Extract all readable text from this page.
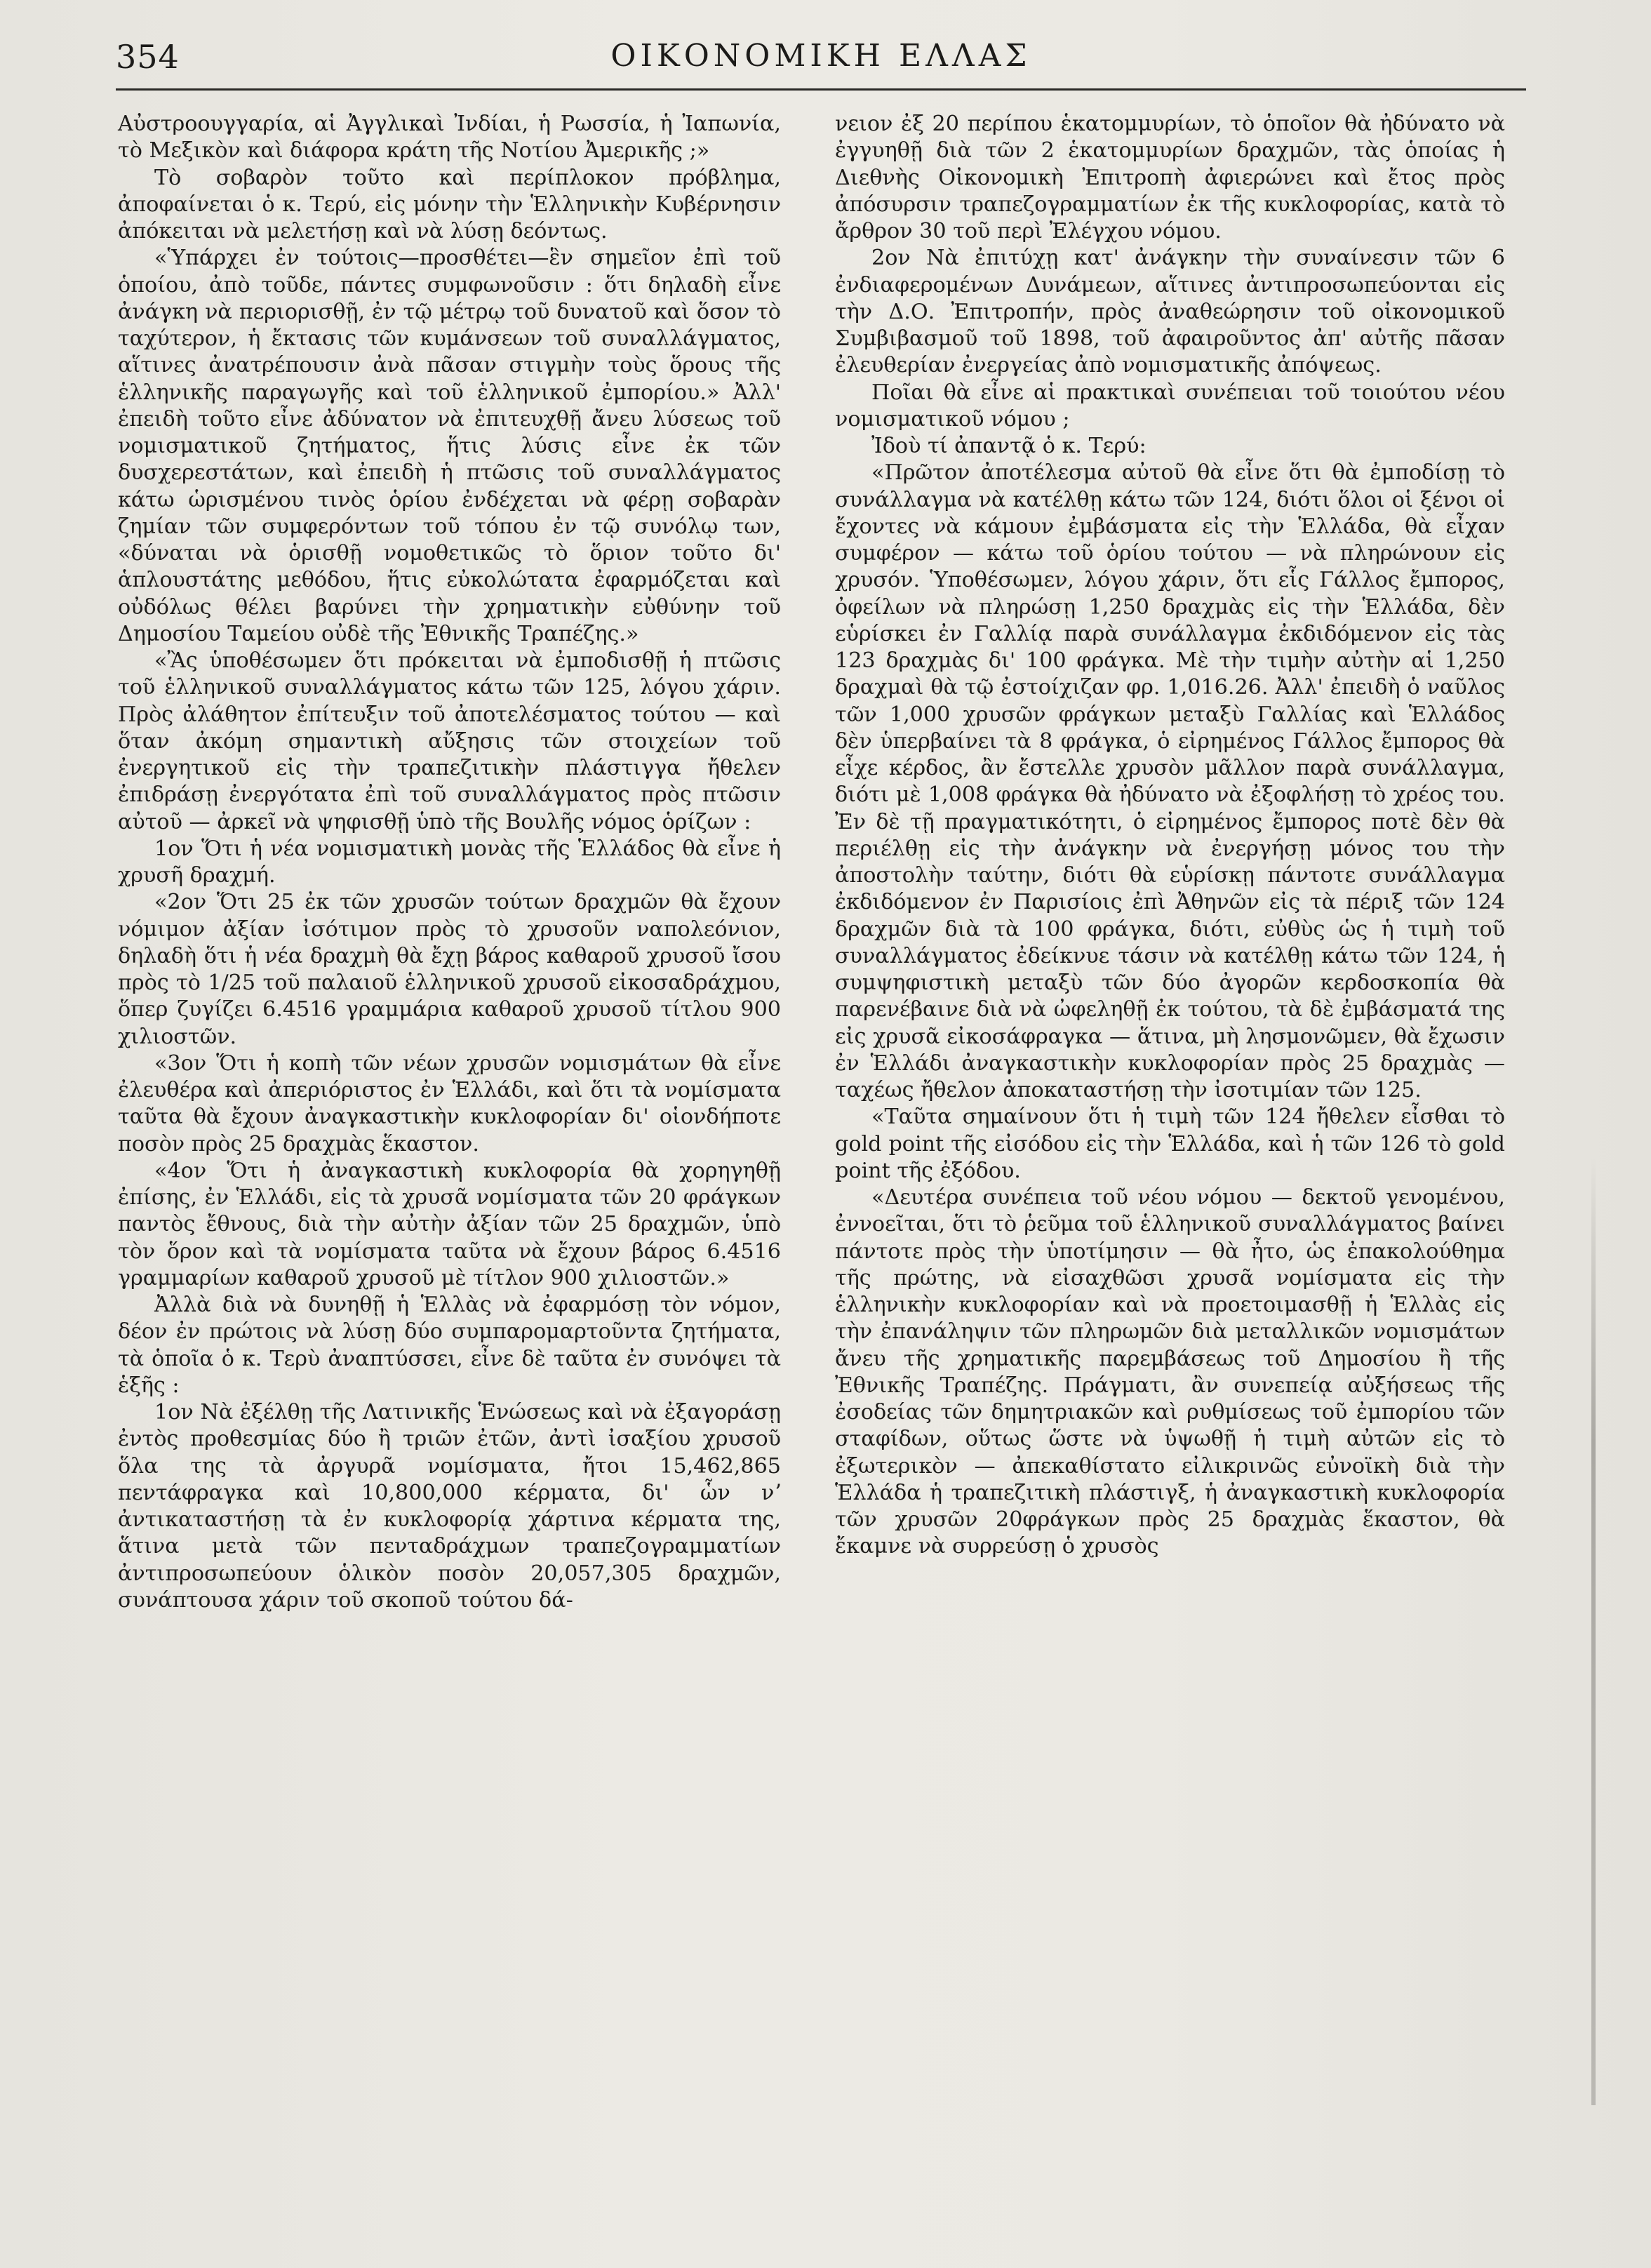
354	ΟΙΚΟΝΟΜΙΚΗ ΕΛΛΑΣ

Αὐστροουγγαρία, αἱ Ἀγγλικαὶ Ἰνδίαι, ἡ Ρωσσία, ἡ Ἰαπωνία, τὸ Μεξικὸν καὶ διάφορα κράτη τῆς Νοτίου Ἀμερικῆς ;»

Τὸ σοβαρὸν τοῦτο καὶ περίπλοκον πρόβλημα, ἀποφαίνεται ὁ κ. Τερύ, εἰς μόνην τὴν Ἑλληνικὴν Κυβέρνησιν ἀπόκειται νὰ μελετήσῃ καὶ νὰ λύσῃ δεόντως.

«Ὑπάρχει ἐν τούτοις—προσθέτει—ἓν σημεῖον ἐπὶ τοῦ ὁποίου, ἀπὸ τοῦδε, πάντες συμφωνοῦσιν : ὅτι δηλαδὴ εἶνε ἀνάγκη νὰ περιορισθῇ, ἐν τῷ μέτρῳ τοῦ δυνατοῦ καὶ ὅσον τὸ ταχύτερον, ἡ ἔκτασις τῶν κυμάνσεων τοῦ συναλλάγματος, αἵτινες ἀνατρέπουσιν ἀνὰ πᾶσαν στιγμὴν τοὺς ὅρους τῆς ἑλληνικῆς παραγωγῆς καὶ τοῦ ἑλληνικοῦ ἐμπορίου.» Ἀλλ' ἐπειδὴ τοῦτο εἶνε ἀδύνατον νὰ ἐπιτευχθῇ ἄνευ λύσεως τοῦ νομισματικοῦ ζητήματος, ἥτις λύσις εἶνε ἐκ τῶν δυσχερεστάτων, καὶ ἐπειδὴ ἡ πτῶσις τοῦ συναλλάγματος κάτω ὡρισμένου τινὸς ὁρίου ἐνδέχεται νὰ φέρῃ σοβαρὰν ζημίαν τῶν συμφερόντων τοῦ τόπου ἐν τῷ συνόλῳ των, «δύναται νὰ ὁρισθῇ νομοθετικῶς τὸ ὅριον τοῦτο δι' ἁπλουστάτης μεθόδου, ἥτις εὐκολώτατα ἐφαρμόζεται καὶ οὐδόλως θέλει βαρύνει τὴν χρηματικὴν εὐθύνην τοῦ Δημοσίου Ταμείου οὐδὲ τῆς Ἐθνικῆς Τραπέζης.»

«Ἂς ὑποθέσωμεν ὅτι πρόκειται νὰ ἐμποδισθῇ ἡ πτῶσις τοῦ ἑλληνικοῦ συναλλάγματος κάτω τῶν 125, λόγου χάριν. Πρὸς ἀλάθητον ἐπίτευξιν τοῦ ἀποτελέσματος τούτου — καὶ ὅταν ἀκόμη σημαντικὴ αὔξησις τῶν στοιχείων τοῦ ἐνεργητικοῦ εἰς τὴν τραπεζιτικὴν πλάστιγγα ἤθελεν ἐπιδράσῃ ἐνεργότατα ἐπὶ τοῦ συναλλάγματος πρὸς πτῶσιν αὐτοῦ — ἀρκεῖ νὰ ψηφισθῇ ὑπὸ τῆς Βουλῆς νόμος ὁρίζων :

1ον Ὅτι ἡ νέα νομισματικὴ μονὰς τῆς Ἑλλάδος θὰ εἶνε ἡ χρυσῆ δραχμή.

«2ον Ὅτι 25 ἐκ τῶν χρυσῶν τούτων δραχμῶν θὰ ἔχουν νόμιμον ἀξίαν ἰσότιμον πρὸς τὸ χρυσοῦν ναπολεόνιον, δηλαδὴ ὅτι ἡ νέα δραχμὴ θὰ ἔχῃ βάρος καθαροῦ χρυσοῦ ἴσου πρὸς τὸ 1/25 τοῦ παλαιοῦ ἑλληνικοῦ χρυσοῦ εἰκοσαδράχμου, ὅπερ ζυγίζει 6.4516 γραμμάρια καθαροῦ χρυσοῦ τίτλου 900 χιλιοστῶν.

«3ον Ὅτι ἡ κοπὴ τῶν νέων χρυσῶν νομισμάτων θὰ εἶνε ἐλευθέρα καὶ ἀπεριόριστος ἐν Ἑλλάδι, καὶ ὅτι τὰ νομίσματα ταῦτα θὰ ἔχουν ἀναγκαστικὴν κυκλοφορίαν δι' οἱονδήποτε ποσὸν πρὸς 25 δραχμὰς ἕκαστον.

«4ον Ὅτι ἡ ἀναγκαστικὴ κυκλοφορία θὰ χορηγηθῇ ἐπίσης, ἐν Ἑλλάδι, εἰς τὰ χρυσᾶ νομίσματα τῶν 20 φράγκων παντὸς ἔθνους, διὰ τὴν αὐτὴν ἀξίαν τῶν 25 δραχμῶν, ὑπὸ τὸν ὅρον καὶ τὰ νομίσματα ταῦτα νὰ ἔχουν βάρος 6.4516 γραμμαρίων καθαροῦ χρυσοῦ μὲ τίτλον 900 χιλιοστῶν.»

Ἀλλὰ διὰ νὰ δυνηθῇ ἡ Ἑλλὰς νὰ ἐφαρμόσῃ τὸν νόμον, δέον ἐν πρώτοις νὰ λύσῃ δύο συμπαρομαρτοῦντα ζητήματα, τὰ ὁποῖα ὁ κ. Τερὺ ἀναπτύσσει, εἶνε δὲ ταῦτα ἐν συνόψει τὰ ἑξῆς :

1ον Νὰ ἐξέλθῃ τῆς Λατινικῆς Ἑνώσεως καὶ νὰ ἐξαγοράσῃ ἐντὸς προθεσμίας δύο ἢ τριῶν ἐτῶν, ἀντὶ ἰσαξίου χρυσοῦ ὅλα της τὰ ἀργυρᾶ νομίσματα, ἤτοι 15,462,865 πεντάφραγκα καὶ 10,800,000 κέρματα, δι' ὧν νʼ ἀντικαταστήσῃ τὰ ἐν κυκλοφορίᾳ χάρτινα κέρματα της, ἅτινα μετὰ τῶν πενταδράχμων τραπεζογραμματίων ἀντιπροσωπεύουν ὁλικὸν ποσὸν 20,057,305 δραχμῶν, συνάπτουσα χάριν τοῦ σκοποῦ τούτου δά-

νειον ἐξ 20 περίπου ἑκατομμυρίων, τὸ ὁποῖον θὰ ἠδύνατο νὰ ἐγγυηθῇ διὰ τῶν 2 ἑκατομμυρίων δραχμῶν, τὰς ὁποίας ἡ Διεθνὴς Οἰκονομικὴ Ἐπιτροπὴ ἀφιερώνει καὶ ἔτος πρὸς ἀπόσυρσιν τραπεζογραμματίων ἐκ τῆς κυκλοφορίας, κατὰ τὸ ἄρθρον 30 τοῦ περὶ Ἐλέγχου νόμου.

2ον Νὰ ἐπιτύχῃ κατ' ἀνάγκην τὴν συναίνεσιν τῶν 6 ἐνδιαφερομένων Δυνάμεων, αἵτινες ἀντιπροσωπεύονται εἰς τὴν Δ.Ο. Ἐπιτροπήν, πρὸς ἀναθεώρησιν τοῦ οἰκονομικοῦ Συμβιβασμοῦ τοῦ 1898, τοῦ ἀφαιροῦντος ἀπ' αὐτῆς πᾶσαν ἐλευθερίαν ἐνεργείας ἀπὸ νομισματικῆς ἀπόψεως.

Ποῖαι θὰ εἶνε αἱ πρακτικαὶ συνέπειαι τοῦ τοιούτου νέου νομισματικοῦ νόμου ;

Ἰδοὺ τί ἀπαντᾷ ὁ κ. Τερύ:

«Πρῶτον ἀποτέλεσμα αὐτοῦ θὰ εἶνε ὅτι θὰ ἐμποδίσῃ τὸ συνάλλαγμα νὰ κατέλθῃ κάτω τῶν 124, διότι ὅλοι οἱ ξένοι οἱ ἔχοντες νὰ κάμουν ἐμβάσματα εἰς τὴν Ἑλλάδα, θὰ εἶχαν συμφέρον — κάτω τοῦ ὁρίου τούτου — νὰ πληρώνουν εἰς χρυσόν. Ὑποθέσωμεν, λόγου χάριν, ὅτι εἷς Γάλλος ἔμπορος, ὀφείλων νὰ πληρώσῃ 1,250 δραχμὰς εἰς τὴν Ἑλλάδα, δὲν εὑρίσκει ἐν Γαλλίᾳ παρὰ συνάλλαγμα ἐκδιδόμενον εἰς τὰς 123 δραχμὰς δι' 100 φράγκα. Μὲ τὴν τιμὴν αὐτὴν αἱ 1,250 δραχμαὶ θὰ τῷ ἐστοίχιζαν φρ. 1,016.26. Ἀλλ' ἐπειδὴ ὁ ναῦλος τῶν 1,000 χρυσῶν φράγκων μεταξὺ Γαλλίας καὶ Ἑλλάδος δὲν ὑπερβαίνει τὰ 8 φράγκα, ὁ εἰρημένος Γάλλος ἔμπορος θὰ εἶχε κέρδος, ἂν ἔστελλε χρυσὸν μᾶλλον παρὰ συνάλλαγμα, διότι μὲ 1,008 φράγκα θὰ ἠδύνατο νὰ ἐξοφλήσῃ τὸ χρέος του. Ἐν δὲ τῇ πραγματικότητι, ὁ εἰρημένος ἔμπορος ποτὲ δὲν θὰ περιέλθῃ εἰς τὴν ἀνάγκην νὰ ἐνεργήσῃ μόνος του τὴν ἀποστολὴν ταύτην, διότι θὰ εὑρίσκῃ πάντοτε συνάλλαγμα ἐκδιδόμενον ἐν Παρισίοις ἐπὶ Ἀθηνῶν εἰς τὰ πέριξ τῶν 124 δραχμῶν διὰ τὰ 100 φράγκα, διότι, εὐθὺς ὡς ἡ τιμὴ τοῦ συναλλάγματος ἐδείκνυε τάσιν νὰ κατέλθῃ κάτω τῶν 124, ἡ συμψηφιστικὴ μεταξὺ τῶν δύο ἀγορῶν κερδοσκοπία θὰ παρενέβαινε διὰ νὰ ὠφεληθῇ ἐκ τούτου, τὰ δὲ ἐμβάσματά της εἰς χρυσᾶ εἰκοσάφραγκα — ἅτινα, μὴ λησμονῶμεν, θὰ ἔχωσιν ἐν Ἑλλάδι ἀναγκαστικὴν κυκλοφορίαν πρὸς 25 δραχμὰς — ταχέως ἤθελον ἀποκαταστήσῃ τὴν ἰσοτιμίαν τῶν 125.

«Ταῦτα σημαίνουν ὅτι ἡ τιμὴ τῶν 124 ἤθελεν εἶσθαι τὸ gold point τῆς εἰσόδου εἰς τὴν Ἑλλάδα, καὶ ἡ τῶν 126 τὸ gold point τῆς ἐξόδου.

«Δευτέρα συνέπεια τοῦ νέου νόμου — δεκτοῦ γενομένου, ἐννοεῖται, ὅτι τὸ ῥεῦμα τοῦ ἑλληνικοῦ συναλλάγματος βαίνει πάντοτε πρὸς τὴν ὑποτίμησιν — θὰ ἦτο, ὡς ἐπακολούθημα τῆς πρώτης, νὰ εἰσαχθῶσι χρυσᾶ νομίσματα εἰς τὴν ἑλληνικὴν κυκλοφορίαν καὶ νὰ προετοιμασθῇ ἡ Ἑλλὰς εἰς τὴν ἐπανάληψιν τῶν πληρωμῶν διὰ μεταλλικῶν νομισμάτων ἄνευ τῆς χρηματικῆς παρεμβάσεως τοῦ Δημοσίου ἢ τῆς Ἐθνικῆς Τραπέζης. Πράγματι, ἂν συνεπείᾳ αὐξήσεως τῆς ἐσοδείας τῶν δημητριακῶν καὶ ρυθμίσεως τοῦ ἐμπορίου τῶν σταφίδων, οὕτως ὥστε νὰ ὑψωθῇ ἡ τιμὴ αὐτῶν εἰς τὸ ἐξωτερικὸν — ἀπεκαθίστατο εἰλικρινῶς εὐνοϊκὴ διὰ τὴν Ἑλλάδα ἡ τραπεζιτικὴ πλάστιγξ, ἡ ἀναγκαστικὴ κυκλοφορία τῶν χρυσῶν 20φράγκων πρὸς 25 δραχμὰς ἕκαστον, θὰ ἔκαμνε νὰ συρρεύσῃ ὁ χρυσὸς
